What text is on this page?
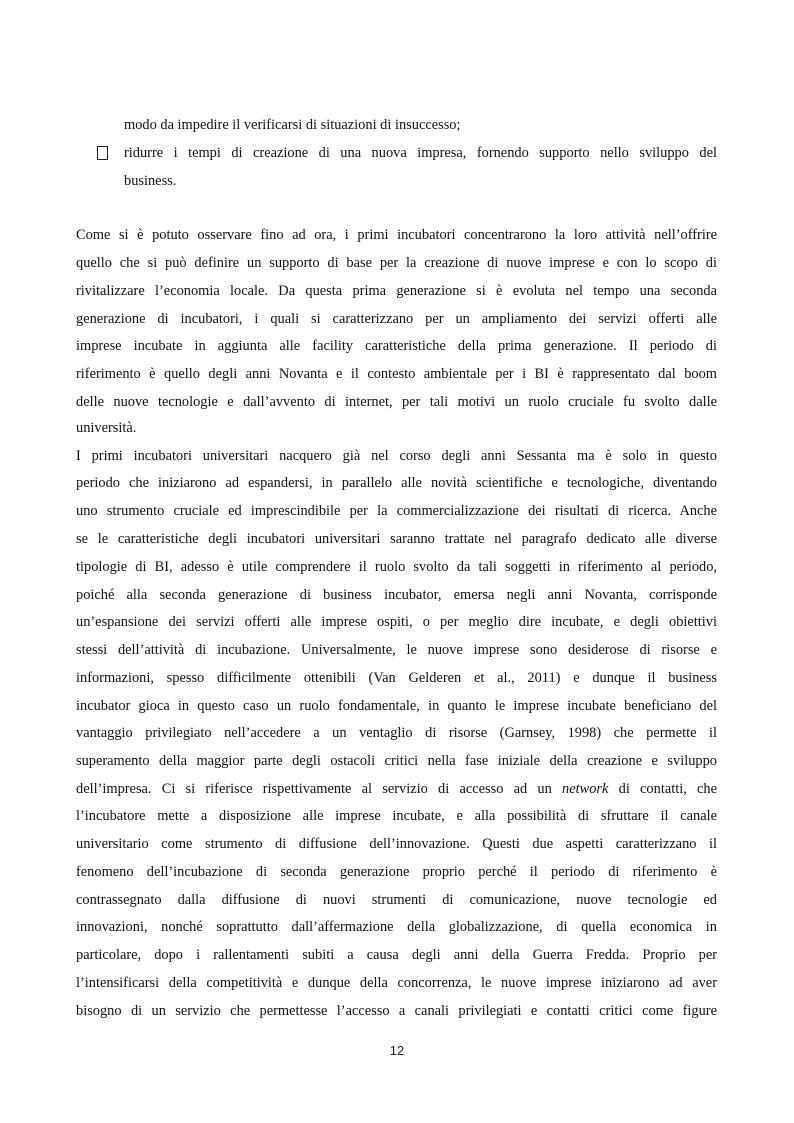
modo da impedire il verificarsi di situazioni di insuccesso;
ridurre i tempi di creazione di una nuova impresa, fornendo supporto nello sviluppo del
business.
Come si è potuto osservare fino ad ora, i primi incubatori concentrarono la loro attività nell’offrire
quello che si può definire un supporto di base per la creazione di nuove imprese e con lo scopo di
rivitalizzare l’economia locale. Da questa prima generazione si è evoluta nel tempo una seconda
generazione di incubatori, i quali si caratterizzano per un ampliamento dei servizi offerti alle
imprese incubate in aggiunta alle facility caratteristiche della prima generazione. Il periodo di
riferimento è quello degli anni Novanta e il contesto ambientale per i BI è rappresentato dal boom
delle nuove tecnologie e dall’avvento di internet, per tali motivi un ruolo cruciale fu svolto dalle
università.
I primi incubatori universitari nacquero già nel corso degli anni Sessanta ma è solo in questo
periodo che iniziarono ad espandersi, in parallelo alle novità scientifiche e tecnologiche, diventando
uno strumento cruciale ed imprescindibile per la commercializzazione dei risultati di ricerca. Anche
se le caratteristiche degli incubatori universitari saranno trattate nel paragrafo dedicato alle diverse
tipologie di BI, adesso è utile comprendere il ruolo svolto da tali soggetti in riferimento al periodo,
poiché alla seconda generazione di business incubator, emersa negli anni Novanta, corrisponde
un’espansione dei servizi offerti alle imprese ospiti, o per meglio dire incubate, e degli obiettivi
stessi dell’attività di incubazione. Universalmente, le nuove imprese sono desiderose di risorse e
informazioni, spesso difficilmente ottenibili (Van Gelderen et al., 2011) e dunque il business
incubator gioca in questo caso un ruolo fondamentale, in quanto le imprese incubate beneficiano del
vantaggio privilegiato nell’accedere a un ventaglio di risorse (Garnsey, 1998) che permette il
superamento della maggior parte degli ostacoli critici nella fase iniziale della creazione e sviluppo
dell’impresa. Ci si riferisce rispettivamente al servizio di accesso ad un network di contatti, che
l’incubatore mette a disposizione alle imprese incubate, e alla possibilità di sfruttare il canale
universitario come strumento di diffusione dell’innovazione. Questi due aspetti caratterizzano il
fenomeno dell’incubazione di seconda generazione proprio perché il periodo di riferimento è
contrassegnato dalla diffusione di nuovi strumenti di comunicazione, nuove tecnologie ed
innovazioni, nonché soprattutto dall’affermazione della globalizzazione, di quella economica in
particolare, dopo i rallentamenti subiti a causa degli anni della Guerra Fredda. Proprio per
l’intensificarsi della competitività e dunque della concorrenza, le nuove imprese iniziarono ad aver
bisogno di un servizio che permettesse l’accesso a canali privilegiati e contatti critici come figure
12
